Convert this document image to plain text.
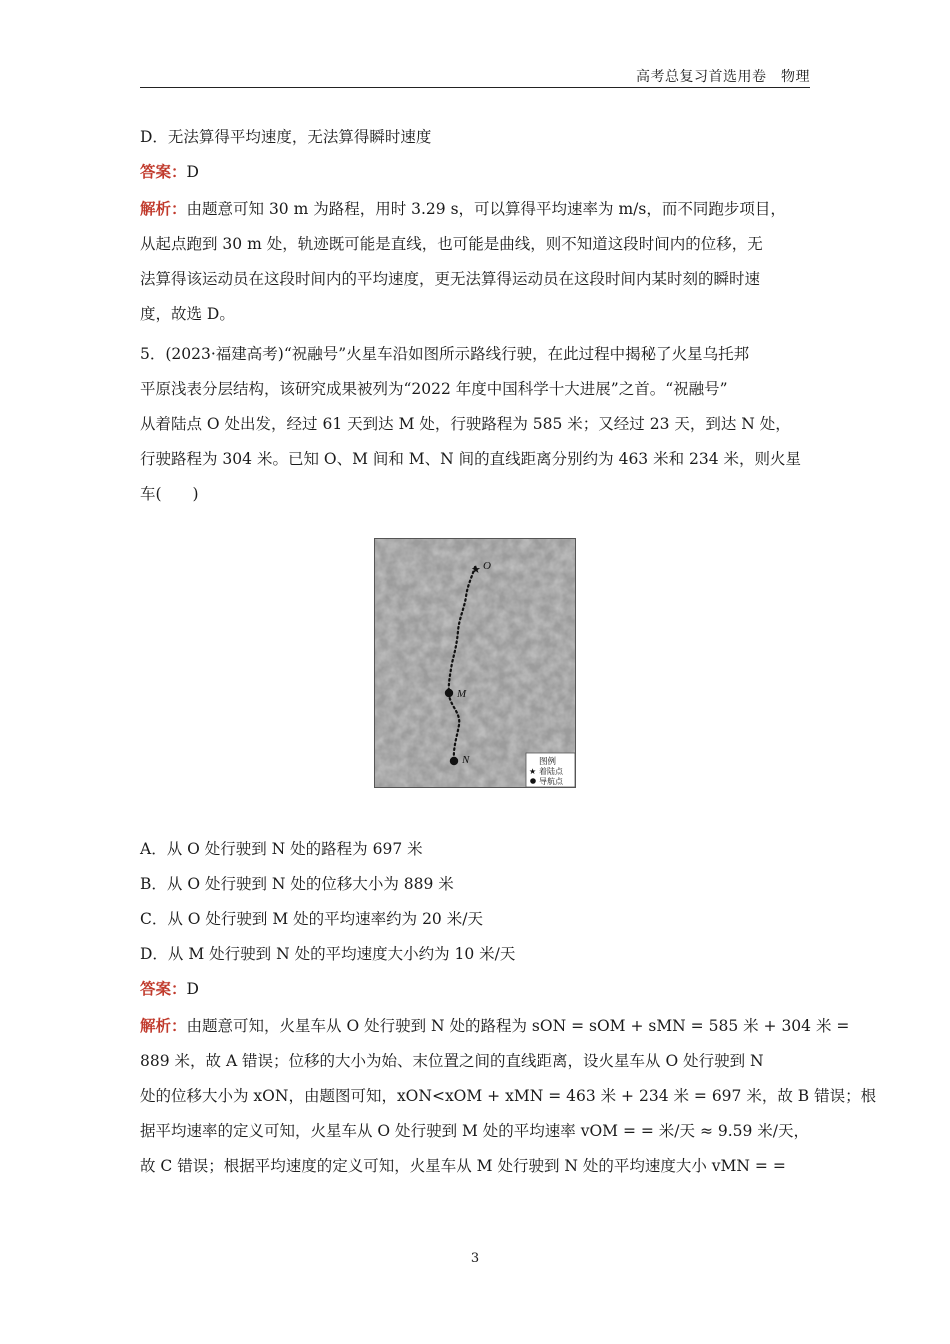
高考总复习首选用卷　物理
D．无法算得平均速度，无法算得瞬时速度
答案：D
解析：由题意可知 30 m 为路程，用时 3.29 s，可以算得平均速率为 m/s，而不同跑步项目，
从起点跑到 30 m 处，轨迹既可能是直线，也可能是曲线，则不知道这段时间内的位移，无
法算得该运动员在这段时间内的平均速度，更无法算得运动员在这段时间内某时刻的瞬时速
度，故选 D。
5．(2023·福建高考)“祝融号”火星车沿如图所示路线行驶，在此过程中揭秘了火星乌托邦
平原浅表分层结构，该研究成果被列为“2022 年度中国科学十大进展”之首。“祝融号”
从着陆点 O 处出发，经过 61 天到达 M 处，行驶路程为 585 米；又经过 23 天，到达 N 处，
行驶路程为 304 米。已知 O、M 间和 M、N 间的直线距离分别约为 463 米和 234 米，则火星
车(　　)
★ O
M
N	图例
★ 着陆点
导航点
A．从 O 处行驶到 N 处的路程为 697 米
B．从 O 处行驶到 N 处的位移大小为 889 米
C．从 O 处行驶到 M 处的平均速率约为 20 米/天
D．从 M 处行驶到 N 处的平均速度大小约为 10 米/天
答案：D
解析：由题意可知，火星车从 O 处行驶到 N 处的路程为 sON = sOM + sMN = 585 米 + 304 米 =
889 米，故 A 错误；位移的大小为始、末位置之间的直线距离，设火星车从 O 处行驶到 N
处的位移大小为 xON，由题图可知，xON<xOM + xMN = 463 米 + 234 米 = 697 米，故 B 错误；根
据平均速率的定义可知，火星车从 O 处行驶到 M 处的平均速率 vOM = = 米/天 ≈ 9.59 米/天，
故 C 错误；根据平均速度的定义可知，火星车从 M 处行驶到 N 处的平均速度大小 vMN = =
3
